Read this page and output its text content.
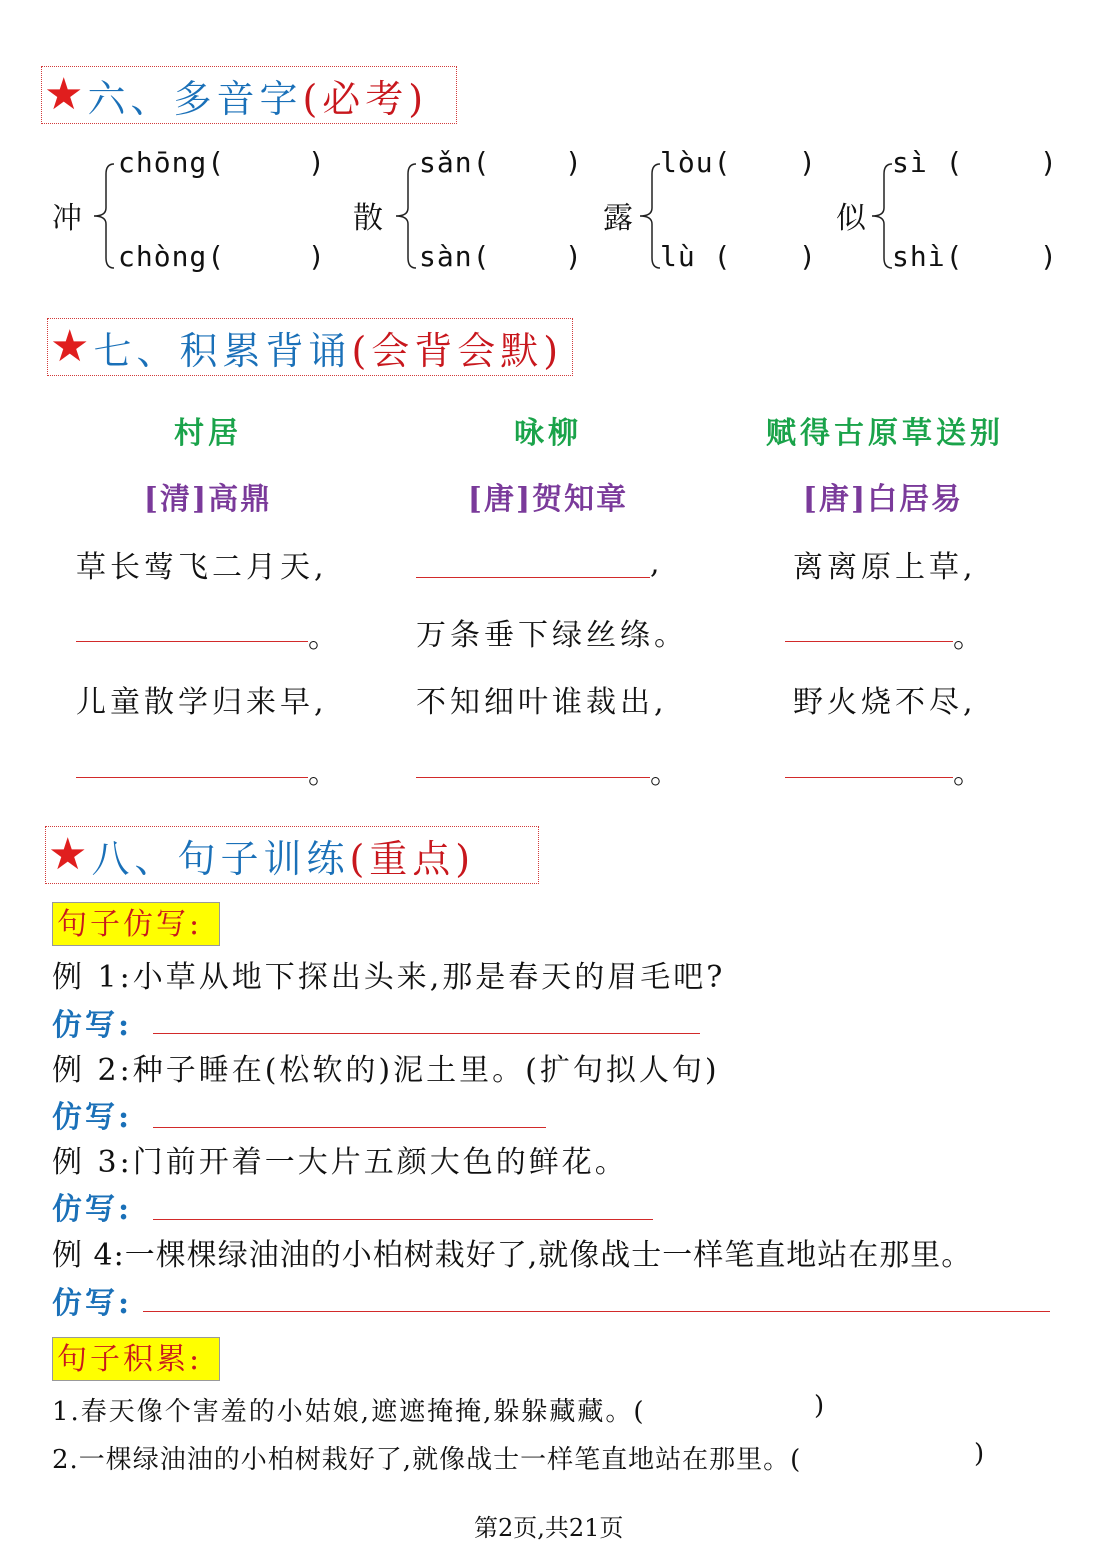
★ 六、多音字 (必考)
冲
chōng(	)
chòng(	)
散
sǎn(	)
sàn(	)
露
lòu( )
lù ( )
似
sì (	)
shì(	)
★ 七、积累背诵 (会背会默)
村居
[清]高鼎
草长莺飞二月天,
。
儿童散学归来早,
。
咏柳
[唐]贺知章
,
万条垂下绿丝绦。
不知细叶谁裁出,
。
赋得古原草送别
[唐]白居易
离离原上草,
。
野火烧不尽,
。
★ 八、句子训练 (重点)
句子仿写:
例 1:小草从地下探出头来,那是春天的眉毛吧?
仿写:
例 2:种子睡在(松软的)泥土里。(扩句拟人句)
仿写:
例 3:门前开着一大片五颜大色的鲜花。
仿写:
例 4:一棵棵绿油油的小柏树栽好了,就像战士一样笔直地站在那里。
仿写:
句子积累:
1.春天像个害羞的小姑娘,遮遮掩掩,躲躲藏藏。(	)
2.一棵绿油油的小柏树栽好了,就像战士一样笔直地站在那里。(	)
第2页,共21页
